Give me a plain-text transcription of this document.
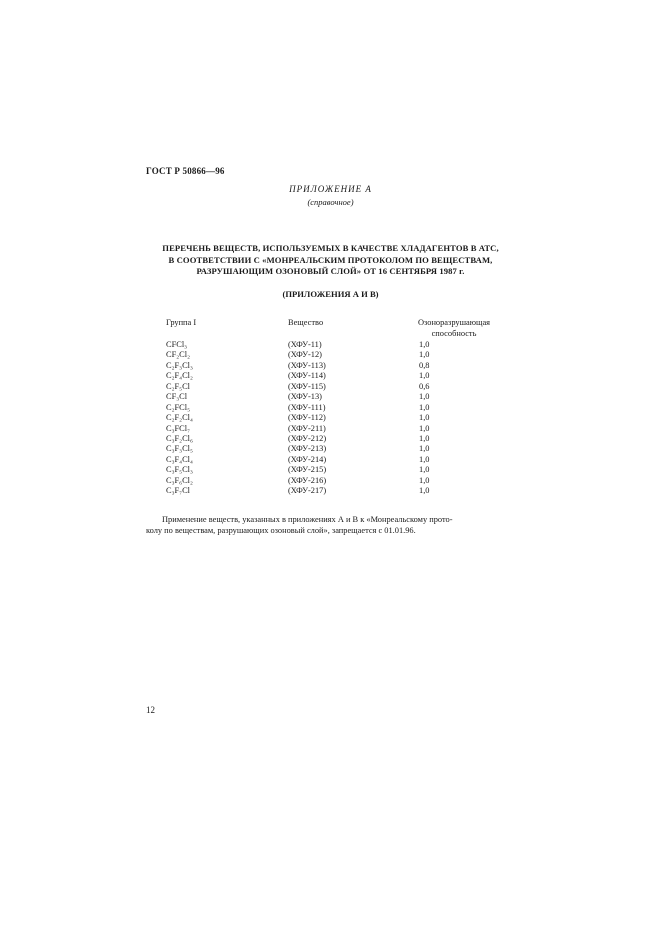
ГОСТ Р 50866—96
ПРИЛОЖЕНИЕ А
(справочное)
ПЕРЕЧЕНЬ ВЕЩЕСТВ, ИСПОЛЬЗУЕМЫХ В КАЧЕСТВЕ ХЛАДАГЕНТОВ В АТС,
В СООТВЕТСТВИИ С «МОНРЕАЛЬСКИМ ПРОТОКОЛОМ ПО ВЕЩЕСТВАМ,
РАЗРУШАЮЩИМ ОЗОНОВЫЙ СЛОЙ» ОТ 16 СЕНТЯБРЯ 1987 г.
(ПРИЛОЖЕНИЯ А И В)
Группа I	Вещество	Озоноразрушающая
способность
CFCl₃	(ХФУ-11)	1,0
CF₂Cl₂	(ХФУ-12)	1,0
C₂F₃Cl₃	(ХФУ-113)	0,8
C₂F₄Cl₂	(ХФУ-114)	1,0
C₂F₅Cl	(ХФУ-115)	0,6
CF₃Cl	(ХФУ-13)	1,0
C₂FCl₅	(ХФУ-111)	1,0
C₂F₂Cl₄	(ХФУ-112)	1,0
C₃FCl₇	(ХФУ-211)	1,0
C₃F₂Cl₆	(ХФУ-212)	1,0
C₃F₃Cl₅	(ХФУ-213)	1,0
C₃F₄Cl₄	(ХФУ-214)	1,0
C₃F₅Cl₃	(ХФУ-215)	1,0
C₃F₆Cl₂	(ХФУ-216)	1,0
C₃F₇Cl	(ХФУ-217)	1,0
Применение веществ, указанных в приложениях А и В к «Монреальскому прото-
колу по веществам, разрушающих озоновый слой», запрещается с 01.01.96.
12
